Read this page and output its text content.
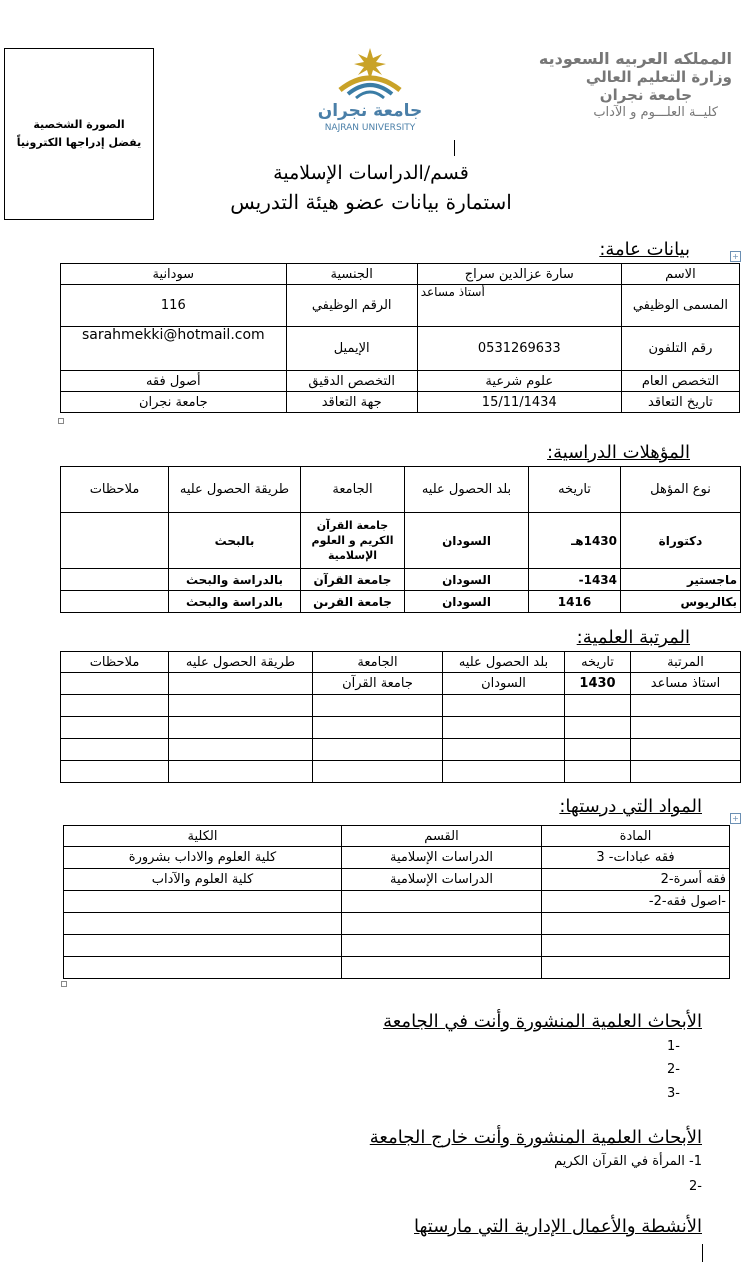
الصورة الشخصية
يفضل إدراجها الكترونياً
جامعة نجران
NAJRAN UNIVERSITY
المملكه العربيه السعوديه
وزارة التعليم العالي
جامعة نجران
كليــة العلـــوم و الآداب
قسم/الدراسات الإسلامية
استمارة بيانات عضو هيئة التدريس
بيانات عامة:	+
الاسم	سارة عزالدين سراج	الجنسية	سودانية
المسمى الوظيفي	أستاذ مساعد	الرقم الوظيفي	116
رقم التلفون	0531269633	الإيميل	sarahmekki@hotmail.com
التخصص العام	علوم شرعية	التخصص الدقيق	أصول فقه
تاريخ التعاقد	15/11/1434	جهة التعاقد	جامعة نجران
المؤهلات الدراسية:
نوع المؤهل	تاريخه	بلد الحصول عليه	الجامعة	طريقة الحصول عليه	ملاحظات
دكتوراة	1430هـ	السودان	جامعة القرآن الكريم و العلوم الإسلامية	بالبحث	
ماجستير	1434-	السودان	جامعة القرآن	بالدراسة والبحث	
بكالريوس	1416	السودان	جامعة القرىن	بالدراسة والبحث	
المرتبة العلمية:
المرتبة	تاريخه	بلد الحصول عليه	الجامعة	طريقة الحصول عليه	ملاحظات
استاذ مساعد	1430	السودان	جامعة القرآن		

المواد التي درستها:
+
المادة	القسم	الكلية
فقه عبادات- 3	الدراسات الإسلامية	كلية العلوم والاداب بشرورة
فقه أسرة-2	الدراسات الإسلامية	كلية العلوم والآداب
-اصول فقه-2-		

الأبحاث العلمية المنشورة وأنت في الجامعة
-1
-2
-3
الأبحاث العلمية المنشورة وأنت خارج الجامعة
1- المرأة في القرآن الكريم
-2
الأنشطة والأعمال الإدارية التي مارستها
